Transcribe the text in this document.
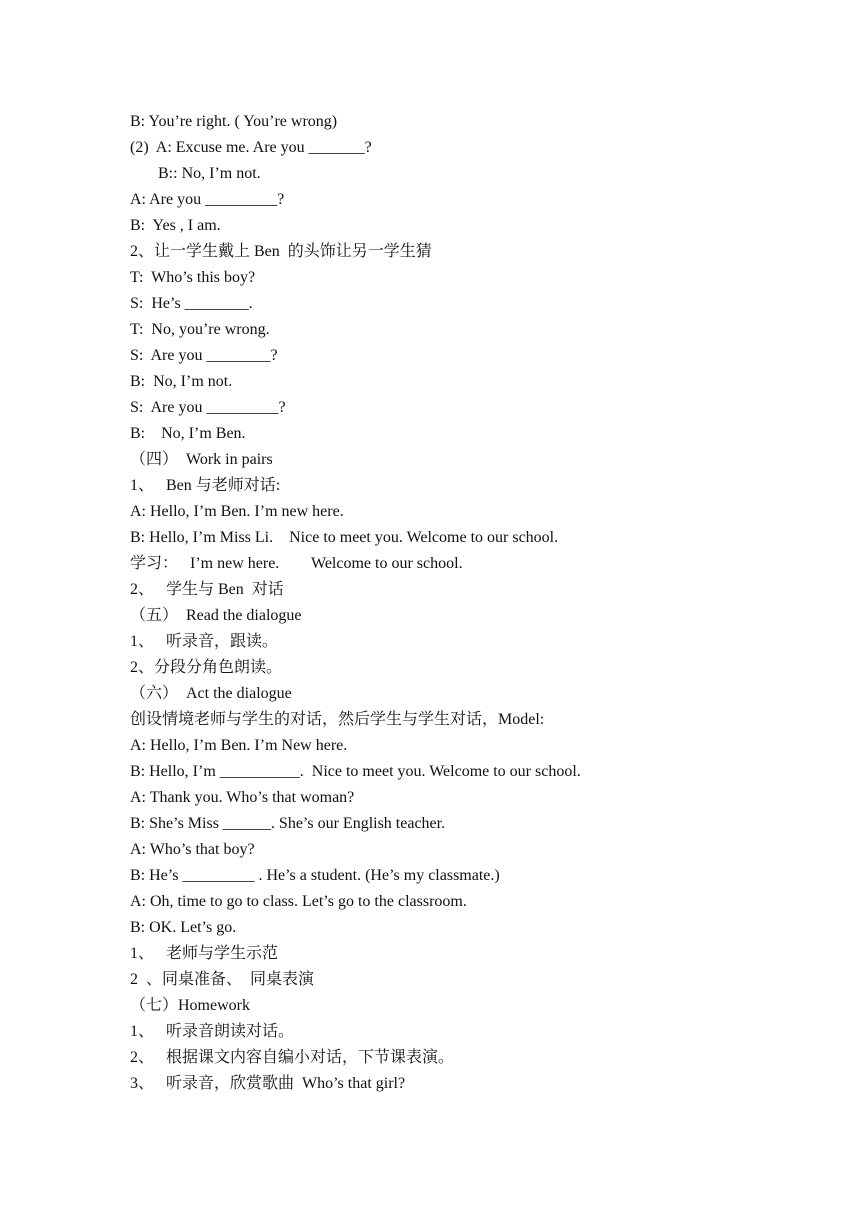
B: You’re right. ( You’re wrong)
(2)  A: Excuse me. Are you _______?
B:: No, I’m not.
A: Are you _________?
B:  Yes , I am.
2、让一学生戴上 Ben  的头饰让另一学生猜
T:  Who’s this boy?
S:  He’s ________.
T:  No, you’re wrong.
S:  Are you ________?
B:  No, I’m not.
S:  Are you _________?
B:    No, I’m Ben.
（四）  Work in pairs
1、   Ben 与老师对话:
A: Hello, I’m Ben. I’m new here.
B: Hello, I’m Miss Li.    Nice to meet you. Welcome to our school.
学习：   I’m new here.        Welcome to our school.
2、   学生与 Ben  对话
（五）  Read the dialogue
1、   听录音，跟读。
2、分段分角色朗读。
（六）  Act the dialogue
创设情境老师与学生的对话，然后学生与学生对话，Model:
A: Hello, I’m Ben. I’m New here.
B: Hello, I’m __________.  Nice to meet you. Welcome to our school.
A: Thank you. Who’s that woman?
B: She’s Miss ______. She’s our English teacher.
A: Who’s that boy?
B: He’s _________ . He’s a student. (He’s my classmate.)
A: Oh, time to go to class. Let’s go to the classroom.
B: OK. Let’s go.
1、   老师与学生示范
2  、同桌准备、  同桌表演
（七）Homework
1、   听录音朗读对话。
2、   根据课文内容自编小对话，下节课表演。
3、   听录音，欣赏歌曲  Who’s that girl?
